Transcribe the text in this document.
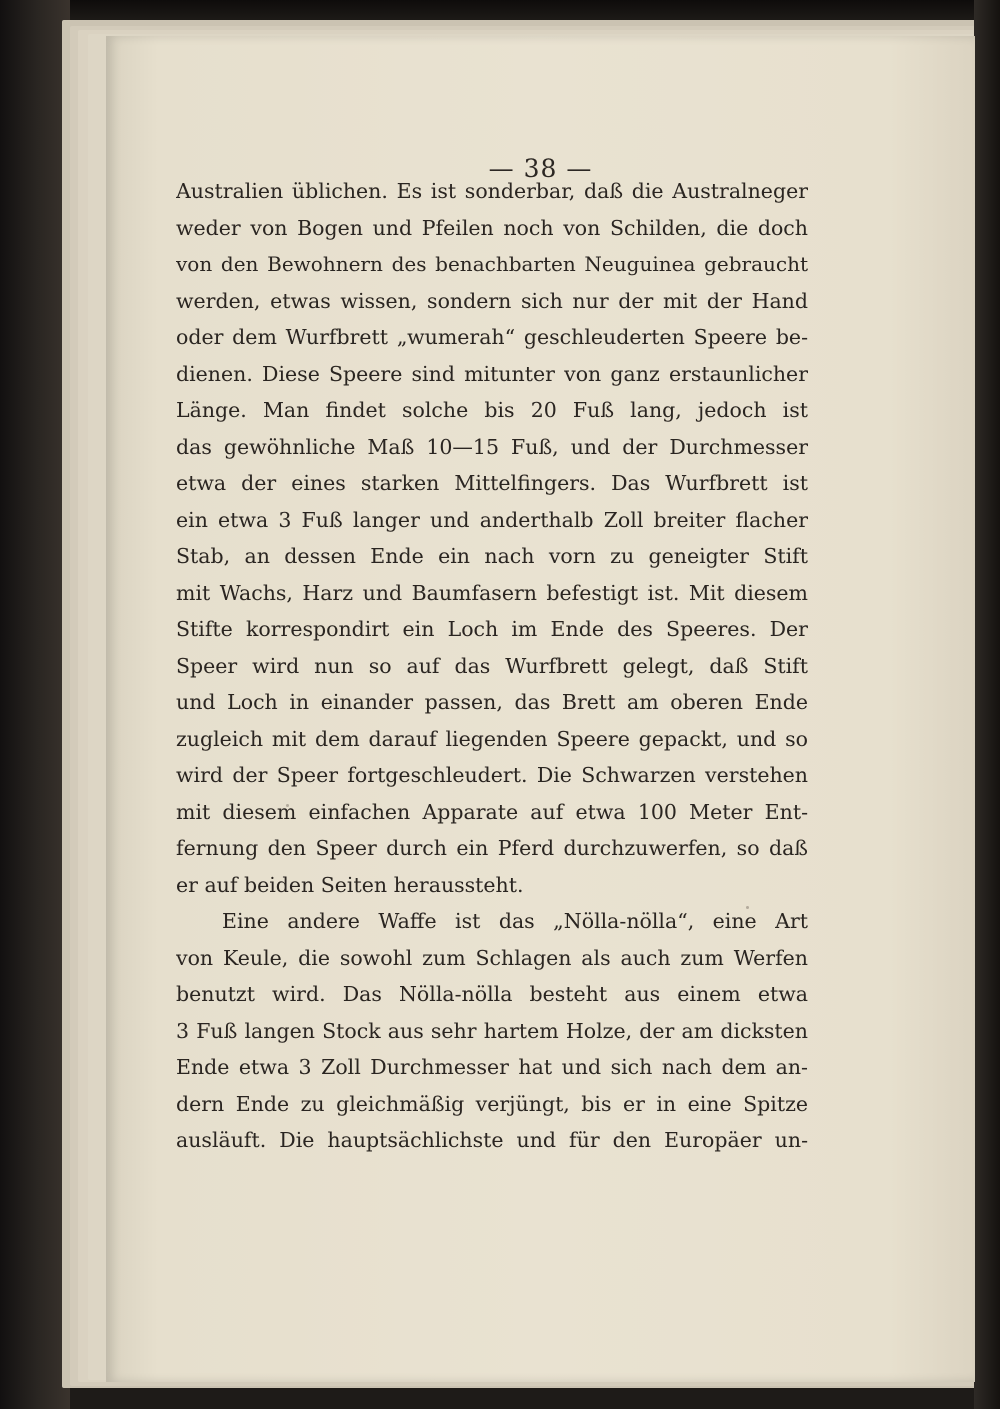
— 38 —
Australien üblichen. Es ist sonderbar, daß die Australneger
weder von Bogen und Pfeilen noch von Schilden, die doch
von den Bewohnern des benachbarten Neuguinea gebraucht
werden, etwas wissen, sondern sich nur der mit der Hand
oder dem Wurfbrett „wumerah“ geschleuderten Speere be-
dienen. Diese Speere sind mitunter von ganz erstaunlicher
Länge. Man findet solche bis 20 Fuß lang, jedoch ist
das gewöhnliche Maß 10—15 Fuß, und der Durchmesser
etwa der eines starken Mittelfingers. Das Wurfbrett ist
ein etwa 3 Fuß langer und anderthalb Zoll breiter flacher
Stab, an dessen Ende ein nach vorn zu geneigter Stift
mit Wachs, Harz und Baumfasern befestigt ist. Mit diesem
Stifte korrespondirt ein Loch im Ende des Speeres. Der
Speer wird nun so auf das Wurfbrett gelegt, daß Stift
und Loch in einander passen, das Brett am oberen Ende
zugleich mit dem darauf liegenden Speere gepackt, und so
wird der Speer fortgeschleudert. Die Schwarzen verstehen
mit diesem einfachen Apparate auf etwa 100 Meter Ent-
fernung den Speer durch ein Pferd durchzuwerfen, so daß
er auf beiden Seiten heraussteht.
Eine andere Waffe ist das „Nölla-nölla“, eine Art
von Keule, die sowohl zum Schlagen als auch zum Werfen
benutzt wird. Das Nölla-nölla besteht aus einem etwa
3 Fuß langen Stock aus sehr hartem Holze, der am dicksten
Ende etwa 3 Zoll Durchmesser hat und sich nach dem an-
dern Ende zu gleichmäßig verjüngt, bis er in eine Spitze
ausläuft. Die hauptsächlichste und für den Europäer un-
